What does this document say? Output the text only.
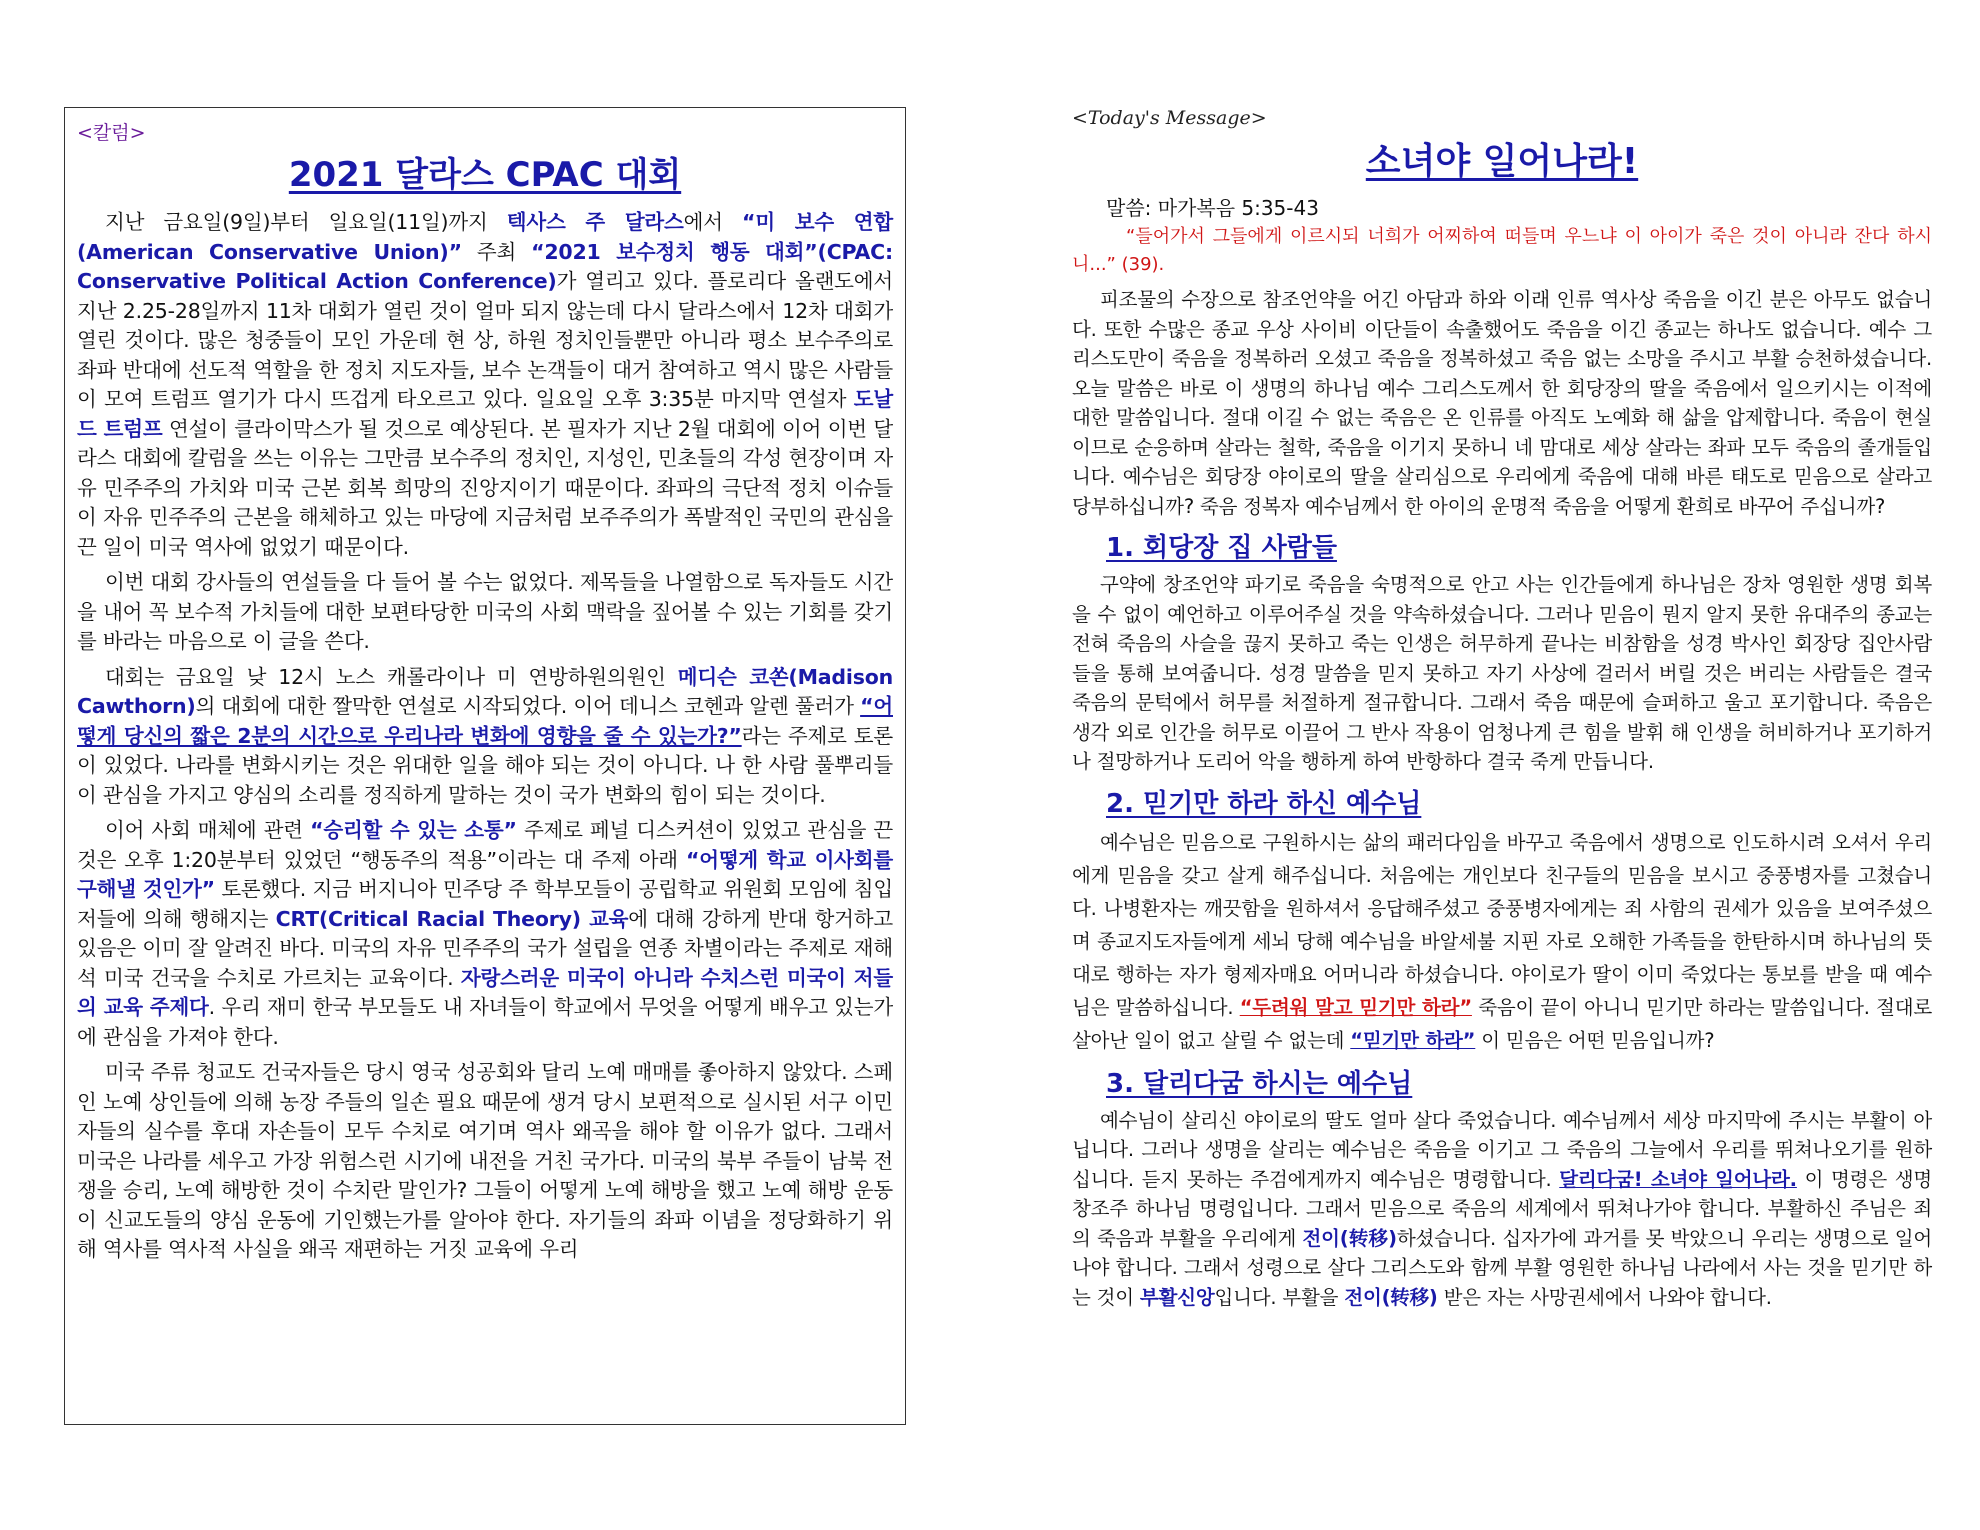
<칼럼>
2021 달라스 CPAC 대회

지난 금요일(9일)부터 일요일(11일)까지 텍사스 주 달라스에서 “미 보수 연합(American Conservative Union)” 주최 “2021 보수정치 행동 대회”(CPAC: Conservative Political Action Conference)가 열리고 있다. 플로리다 올랜도에서 지난 2.25-28일까지 11차 대회가 열린 것이 얼마 되지 않는데 다시 달라스에서 12차 대회가 열린 것이다. 많은 청중들이 모인 가운데 현 상, 하원 정치인들뿐만 아니라 평소 보수주의로 좌파 반대에 선도적 역할을 한 정치 지도자들, 보수 논객들이 대거 참여하고 역시 많은 사람들이 모여 트럼프 열기가 다시 뜨겁게 타오르고 있다. 일요일 오후 3:35분 마지막 연설자 도날드 트럼프 연설이 클라이막스가 될 것으로 예상된다. 본 필자가 지난 2월 대회에 이어 이번 달라스 대회에 칼럼을 쓰는 이유는 그만큼 보수주의 정치인, 지성인, 민초들의 각성 현장이며 자유 민주주의 가치와 미국 근본 회복 희망의 진앙지이기 때문이다. 좌파의 극단적 정치 이슈들이 자유 민주주의 근본을 해체하고 있는 마당에 지금처럼 보주주의가 폭발적인 국민의 관심을 끈 일이 미국 역사에 없었기 때문이다.

이번 대회 강사들의 연설들을 다 들어 볼 수는 없었다. 제목들을 나열함으로 독자들도 시간을 내어 꼭 보수적 가치들에 대한 보편타당한 미국의 사회 맥락을 짚어볼 수 있는 기회를 갖기를 바라는 마음으로 이 글을 쓴다.

대회는 금요일 낮 12시 노스 캐롤라이나 미 연방하원의원인 메디슨 코쏜(Madison Cawthorn)의 대회에 대한 짤막한 연설로 시작되었다. 이어 데니스 코헨과 알렌 풀러가 “어떻게 당신의 짧은 2분의 시간으로 우리나라 변화에 영향을 줄 수 있는가?”라는 주제로 토론이 있었다. 나라를 변화시키는 것은 위대한 일을 해야 되는 것이 아니다. 나 한 사람 풀뿌리들이 관심을 가지고 양심의 소리를 정직하게 말하는 것이 국가 변화의 힘이 되는 것이다.

이어 사회 매체에 관련 “승리할 수 있는 소통” 주제로 페널 디스커션이 있었고 관심을 끈 것은 오후 1:20분부터 있었던 “행동주의 적용”이라는 대 주제 아래 “어떻게 학교 이사회를 구해낼 것인가” 토론했다. 지금 버지니아 민주당 주 학부모들이 공립학교 위원회 모임에 침입 저들에 의해 행해지는 CRT(Critical Racial Theory) 교육에 대해 강하게 반대 항거하고 있음은 이미 잘 알려진 바다. 미국의 자유 민주주의 국가 설립을 연종 차별이라는 주제로 재해석 미국 건국을 수치로 가르치는 교육이다. 자랑스러운 미국이 아니라 수치스런 미국이 저들의 교육 주제다. 우리 재미 한국 부모들도 내 자녀들이 학교에서 무엇을 어떻게 배우고 있는가에 관심을 가져야 한다.

미국 주류 청교도 건국자들은 당시 영국 성공회와 달리 노예 매매를 좋아하지 않았다. 스페인 노예 상인들에 의해 농장 주들의 일손 필요 때문에 생겨 당시 보편적으로 실시된 서구 이민자들의 실수를 후대 자손들이 모두 수치로 여기며 역사 왜곡을 해야 할 이유가 없다. 그래서 미국은 나라를 세우고 가장 위험스런 시기에 내전을 거친 국가다. 미국의 북부 주들이 남북 전쟁을 승리, 노예 해방한 것이 수치란 말인가? 그들이 어떻게 노예 해방을 했고 노예 해방 운동이 신교도들의 양심 운동에 기인했는가를 알아야 한다. 자기들의 좌파 이념을 정당화하기 위해 역사를 역사적 사실을 왜곡 재편하는 거짓 교육에 우리

<Today's Message>
소녀야 일어나라!
말씀: 마가복음 5:35-43

“들어가서 그들에게 이르시되 너희가 어찌하여 떠들며 우느냐 이 아이가 죽은 것이 아니라 잔다 하시니...” (39).

피조물의 수장으로 참조언약을 어긴 아담과 하와 이래 인류 역사상 죽음을 이긴 분은 아무도 없습니다. 또한 수많은 종교 우상 사이비 이단들이 속출했어도 죽음을 이긴 종교는 하나도 없습니다. 예수 그리스도만이 죽음을 정복하러 오셨고 죽음을 정복하셨고 죽음 없는 소망을 주시고 부활 승천하셨습니다. 오늘 말씀은 바로 이 생명의 하나님 예수 그리스도께서 한 회당장의 딸을 죽음에서 일으키시는 이적에 대한 말씀입니다. 절대 이길 수 없는 죽음은 온 인류를 아직도 노예화 해 삶을 압제합니다. 죽음이 현실이므로 순응하며 살라는 철학, 죽음을 이기지 못하니 네 맘대로 세상 살라는 좌파 모두 죽음의 졸개들입니다. 예수님은 회당장 야이로의 딸을 살리심으로 우리에게 죽음에 대해 바른 태도로 믿음으로 살라고 당부하십니까? 죽음 정복자 예수님께서 한 아이의 운명적 죽음을 어떻게 환희로 바꾸어 주십니까?

1. 회당장 집 사람들

구약에 창조언약 파기로 죽음을 숙명적으로 안고 사는 인간들에게 하나님은 장차 영원한 생명 회복을 수 없이 예언하고 이루어주실 것을 약속하셨습니다. 그러나 믿음이 뭔지 알지 못한 유대주의 종교는 전혀 죽음의 사슬을 끊지 못하고 죽는 인생은 허무하게 끝나는 비참함을 성경 박사인 회장당 집안사람들을 통해 보여줍니다. 성경 말씀을 믿지 못하고 자기 사상에 걸러서 버릴 것은 버리는 사람들은 결국 죽음의 문턱에서 허무를 처절하게 절규합니다. 그래서 죽음 때문에 슬퍼하고 울고 포기합니다. 죽음은 생각 외로 인간을 허무로 이끌어 그 반사 작용이 엄청나게 큰 힘을 발휘 해 인생을 허비하거나 포기하거나 절망하거나 도리어 악을 행하게 하여 반항하다 결국 죽게 만듭니다.

2. 믿기만 하라 하신 예수님

예수님은 믿음으로 구원하시는 삶의 패러다임을 바꾸고 죽음에서 생명으로 인도하시려 오셔서 우리에게 믿음을 갖고 살게 해주십니다. 처음에는 개인보다 친구들의 믿음을 보시고 중풍병자를 고쳤습니다. 나병환자는 깨끗함을 원하셔서 응답해주셨고 중풍병자에게는 죄 사함의 권세가 있음을 보여주셨으며 종교지도자들에게 세뇌 당해 예수님을 바알세불 지핀 자로 오해한 가족들을 한탄하시며 하나님의 뜻대로 행하는 자가 형제자매요 어머니라 하셨습니다. 야이로가 딸이 이미 죽었다는 통보를 받을 때 예수님은 말씀하십니다. “두려워 말고 믿기만 하라” 죽음이 끝이 아니니 믿기만 하라는 말씀입니다. 절대로 살아난 일이 없고 살릴 수 없는데 “믿기만 하라” 이 믿음은 어떤 믿음입니까?

3. 달리다굼 하시는 예수님

예수님이 살리신 야이로의 딸도 얼마 살다 죽었습니다. 예수님께서 세상 마지막에 주시는 부활이 아닙니다. 그러나 생명을 살리는 예수님은 죽음을 이기고 그 죽음의 그늘에서 우리를 뛰쳐나오기를 원하십니다. 듣지 못하는 주검에게까지 예수님은 명령합니다. 달리다굼! 소녀야 일어나라. 이 명령은 생명 창조주 하나님 명령입니다. 그래서 믿음으로 죽음의 세계에서 뛰쳐나가야 합니다. 부활하신 주님은 죄의 죽음과 부활을 우리에게 전이(转移)하셨습니다. 십자가에 과거를 못 박았으니 우리는 생명으로 일어나야 합니다. 그래서 성령으로 살다 그리스도와 함께 부활 영원한 하나님 나라에서 사는 것을 믿기만 하는 것이 부활신앙입니다. 부활을 전이(转移) 받은 자는 사망권세에서 나와야 합니다.
